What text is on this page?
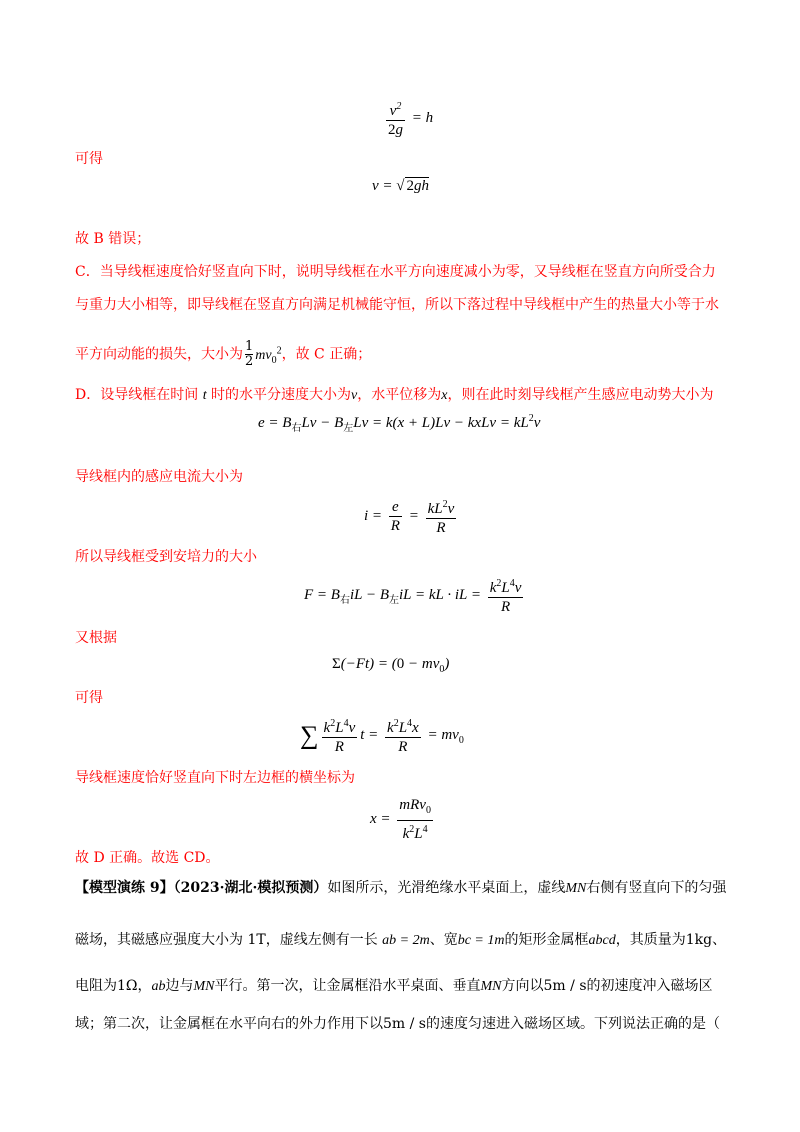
$\frac{v^2}{2g} = h$
可得
v = √ 2gh
故 B 错误；
C．当导线框速度恰好竖直向下时，说明导线框在水平方向速度减小为零，又导线框在竖直方向所受合力
与重力大小相等，即导线框在竖直方向满足机械能守恒，所以下落过程中导线框中产生的热量大小等于水
平方向动能的损失，大小为 $\frac{1}{2} mv_0^2$，故 C 正确；
D．设导线框在时间 t 时的水平分速度大小为v，水平位移为x，则在此时刻导线框产生感应电动势大小为
$e = B_右Lv - B_左Lv = k(x + L)Lv$ − kxLv = $kL^2v$
导线框内的感应电流大小为
$i = \frac{e}{R} = \frac{kL^2v}{R}$
所以导线框受到安培力的大小
$F = B_右iL - B_左iL$ = kL · iL = $\frac{k^2L^4v}{R}$
又根据
$\Sigma(-Ft) = (0 - mv_0)$
可得
∑ $\frac{k^2L^4v}{R}$ $t = \frac{k^2L^4x}{R} = mv_0$
导线框速度恰好竖直向下时左边框的横坐标为
$x = \frac{mRv_0}{k^2L^4}$
故 D 正确。故选 CD。
【模型演练 9】（2023·湖北·模拟预测）如图所示，光滑绝缘水平桌面上，虚线MN右侧有竖直向下的匀强
磁场，其磁感应强度大小为 1T，虚线左侧有一长 ab = 2m、宽bc = 1m的矩形金属框abcd，其质量为1kg、
电阻为1Ω，ab边与MN平行。第一次，让金属框沿水平桌面、垂直MN方向以5m / s的初速度冲入磁场区
域；第二次，让金属框在水平向右的外力作用下以5m / s的速度匀速进入磁场区域。下列说法正确的是（
